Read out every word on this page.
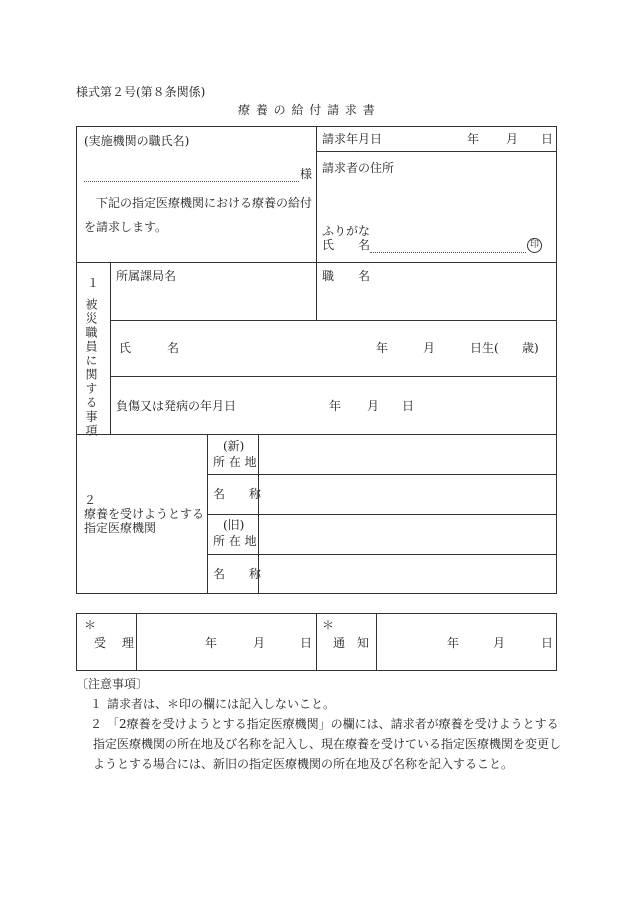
様式第２号(第８条関係)
療 養 の 給 付 請 求 書
(実施機関の職氏名)
様
下記の指定医療機関における療養の給付
を請求します。
請求年月日	年 月 日
請求者の住所
ふりがな
氏　　名	印
１
被災職員に関する事項
所属課局名	職　　名
氏　　　名	年	月	日生( 歳)
負傷又は発病の年月日	年 月 日
２
療養を受けようとする
指定医療機関
(新)
所 在 地
名　　称
(旧)
所 在 地
名　　称
＊
受　 理	年	月	日
＊
通　知	年	月	日
〔注意事項〕
１ 請求者は、＊印の欄には記入しないこと。
２ 「2療養を受けようとする指定医療機関」の欄には、請求者が療養を受けようとする
指定医療機関の所在地及び名称を記入し、現在療養を受けている指定医療機関を変更し
ようとする場合には、新旧の指定医療機関の所在地及び名称を記入すること。
